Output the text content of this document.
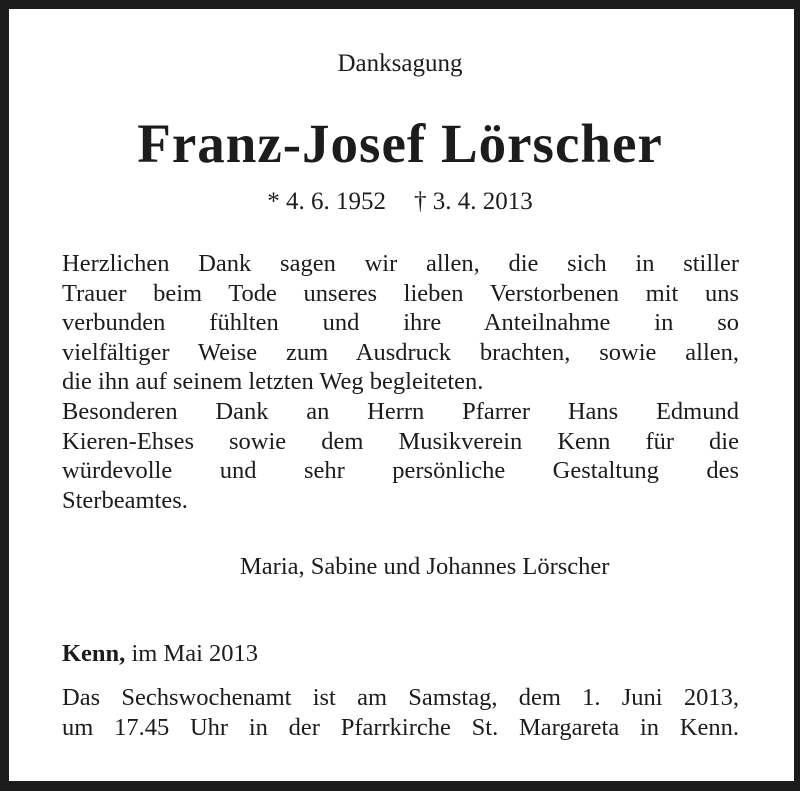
Danksagung
Franz-Josef Lörscher
* 4. 6. 1952 † 3. 4. 2013
Herzlichen Dank sagen wir allen, die sich in stiller
Trauer beim Tode unseres lieben Verstorbenen mit uns
verbunden fühlten und ihre Anteilnahme in so
vielfältiger Weise zum Ausdruck brachten, sowie allen,
die ihn auf seinem letzten Weg begleiteten.
Besonderen Dank an Herrn Pfarrer Hans Edmund
Kieren-Ehses sowie dem Musikverein Kenn für die
würdevolle und sehr persönliche Gestaltung des
Sterbeamtes.
Maria, Sabine und Johannes Lörscher
Kenn, im Mai 2013
Das Sechswochenamt ist am Samstag, dem 1. Juni 2013,
um 17.45 Uhr in der Pfarrkirche St. Margareta in Kenn.
